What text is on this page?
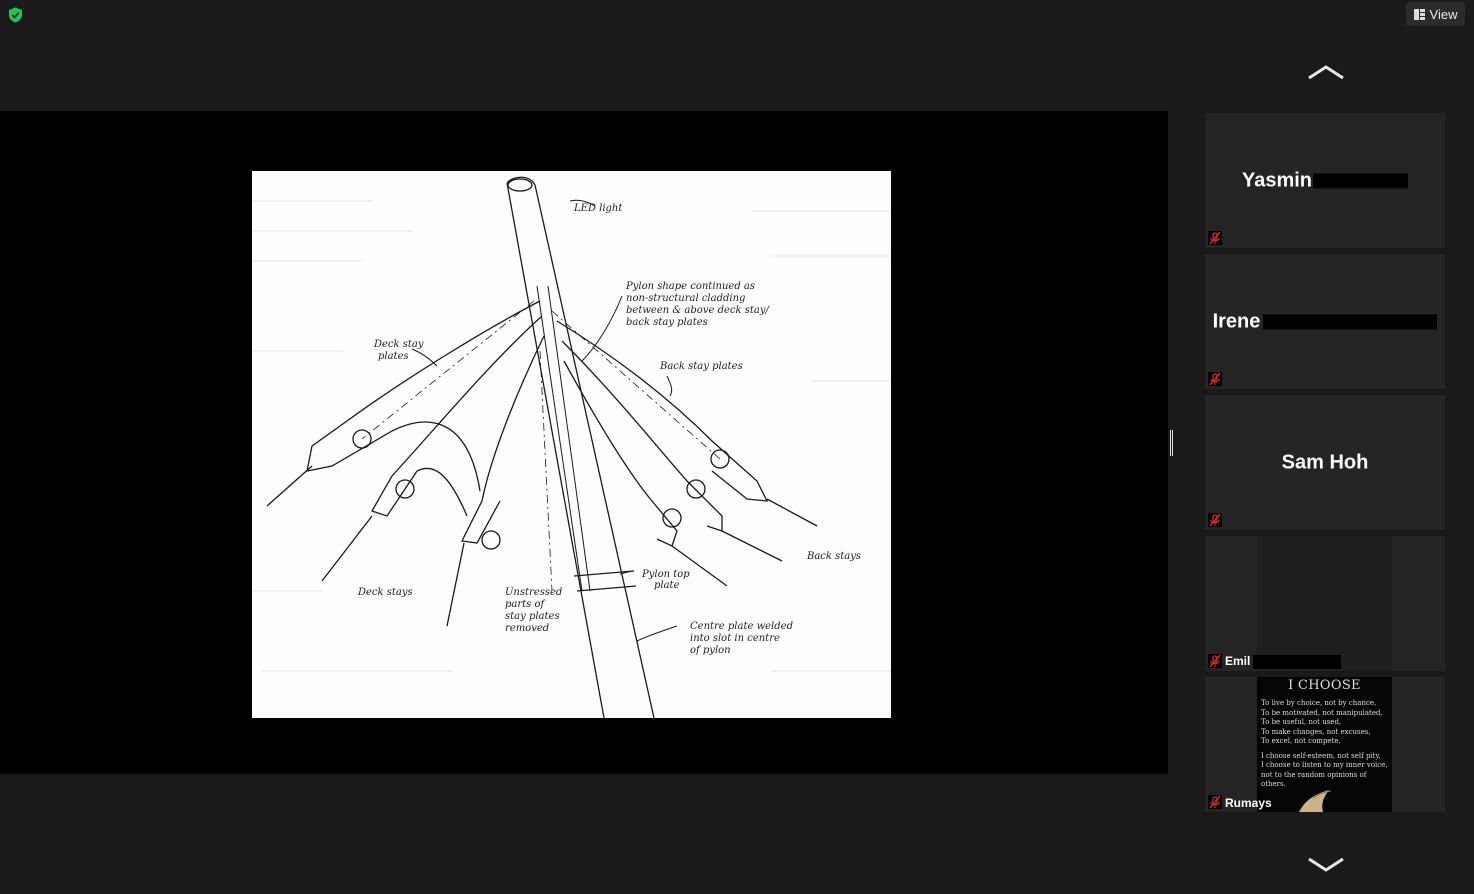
View
LED light
Pylon shape continued as
non-structural cladding
between & above deck stay/
back stay plates
Deck stay
plates
Back stay plates
Back stays
Deck stays
Pylon top
plate
Unstressed
parts of
stay plates
removed	Centre plate welded
into slot in centre
of pylon
Yasmin
Irene
Sam Hoh
Emil
I CHOOSE
To live by choice, not by chance,
To be motivated, not manipulated,
To be useful, not used,
To make changes, not excuses,
To excel, not compete.
I choose self-esteem, not self pity,
I choose to listen to my inner voice,
not to the random opinions of others.
Rumays
